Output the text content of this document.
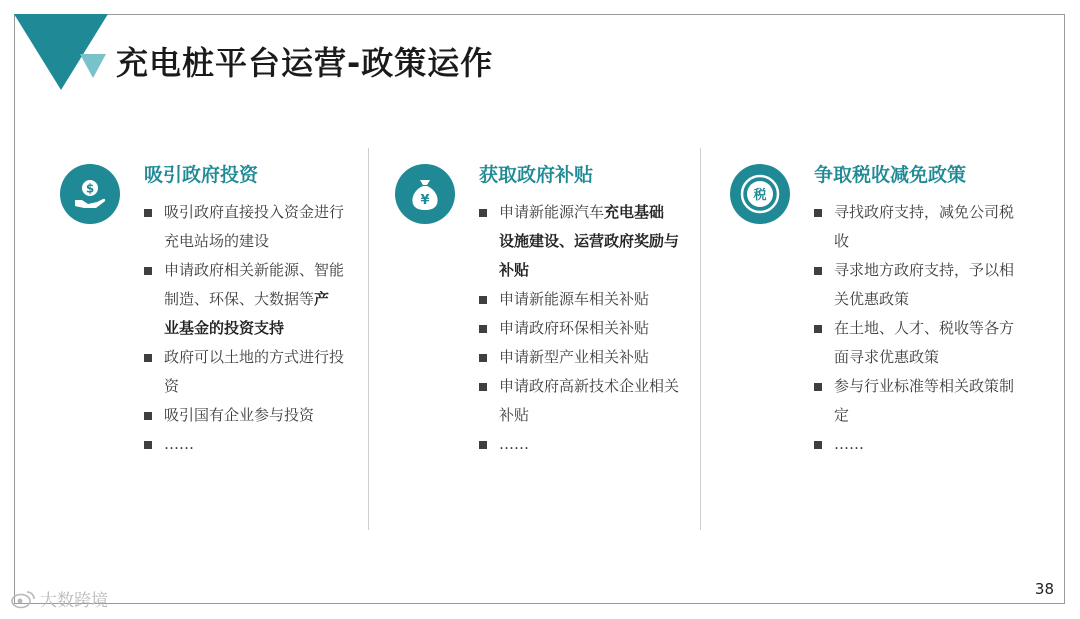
充电桩平台运营-政策运作
$
吸引政府投资
吸引政府直接投入资金进行充电站场的建设
申请政府相关新能源、智能制造、环保、大数据等产业基金的投资支持
政府可以土地的方式进行投资
吸引国有企业参与投资
……
¥
获取政府补贴
申请新能源汽车充电基础设施建设、运营政府奖励与补贴
申请新能源车相关补贴
申请政府环保相关补贴
申请新型产业相关补贴
申请政府高新技术企业相关补贴
……
税
争取税收减免政策
寻找政府支持，减免公司税收
寻求地方政府支持，予以相关优惠政策
在土地、人才、税收等各方面寻求优惠政策
参与行业标准等相关政策制定
……
38
大数跨境
